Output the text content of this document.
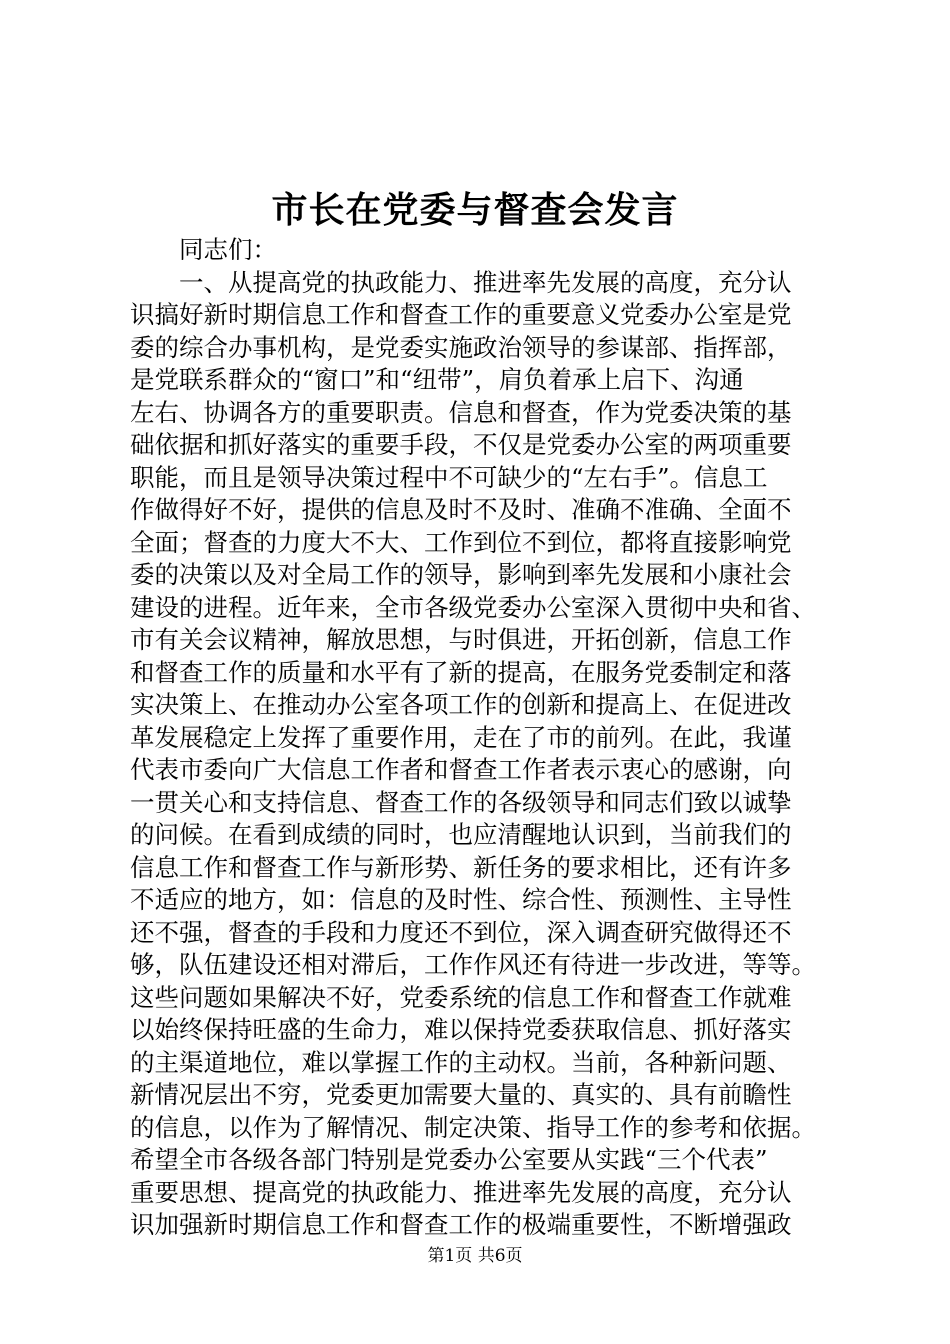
市长在党委与督查会发言
　　同志们：
　　一、从提高党的执政能力、推进率先发展的高度，充分认
识搞好新时期信息工作和督查工作的重要意义党委办公室是党
委的综合办事机构，是党委实施政治领导的参谋部、指挥部，
是党联系群众的“窗口”和“纽带”，肩负着承上启下、沟通
左右、协调各方的重要职责。信息和督查，作为党委决策的基
础依据和抓好落实的重要手段，不仅是党委办公室的两项重要
职能，而且是领导决策过程中不可缺少的“左右手”。信息工
作做得好不好，提供的信息及时不及时、准确不准确、全面不
全面；督查的力度大不大、工作到位不到位，都将直接影响党
委的决策以及对全局工作的领导，影响到率先发展和小康社会
建设的进程。近年来，全市各级党委办公室深入贯彻中央和省、
市有关会议精神，解放思想，与时俱进，开拓创新，信息工作
和督查工作的质量和水平有了新的提高，在服务党委制定和落
实决策上、在推动办公室各项工作的创新和提高上、在促进改
革发展稳定上发挥了重要作用，走在了市的前列。在此，我谨
代表市委向广大信息工作者和督查工作者表示衷心的感谢，向
一贯关心和支持信息、督查工作的各级领导和同志们致以诚挚
的问候。在看到成绩的同时，也应清醒地认识到，当前我们的
信息工作和督查工作与新形势、新任务的要求相比，还有许多
不适应的地方，如：信息的及时性、综合性、预测性、主导性
还不强，督查的手段和力度还不到位，深入调查研究做得还不
够，队伍建设还相对滞后，工作作风还有待进一步改进，等等。
这些问题如果解决不好，党委系统的信息工作和督查工作就难
以始终保持旺盛的生命力，难以保持党委获取信息、抓好落实
的主渠道地位，难以掌握工作的主动权。当前，各种新问题、
新情况层出不穷，党委更加需要大量的、真实的、具有前瞻性
的信息，以作为了解情况、制定决策、指导工作的参考和依据。
希望全市各级各部门特别是党委办公室要从实践“三个代表”
重要思想、提高党的执政能力、推进率先发展的高度，充分认
识加强新时期信息工作和督查工作的极端重要性，不断增强政
第1页 共6页
